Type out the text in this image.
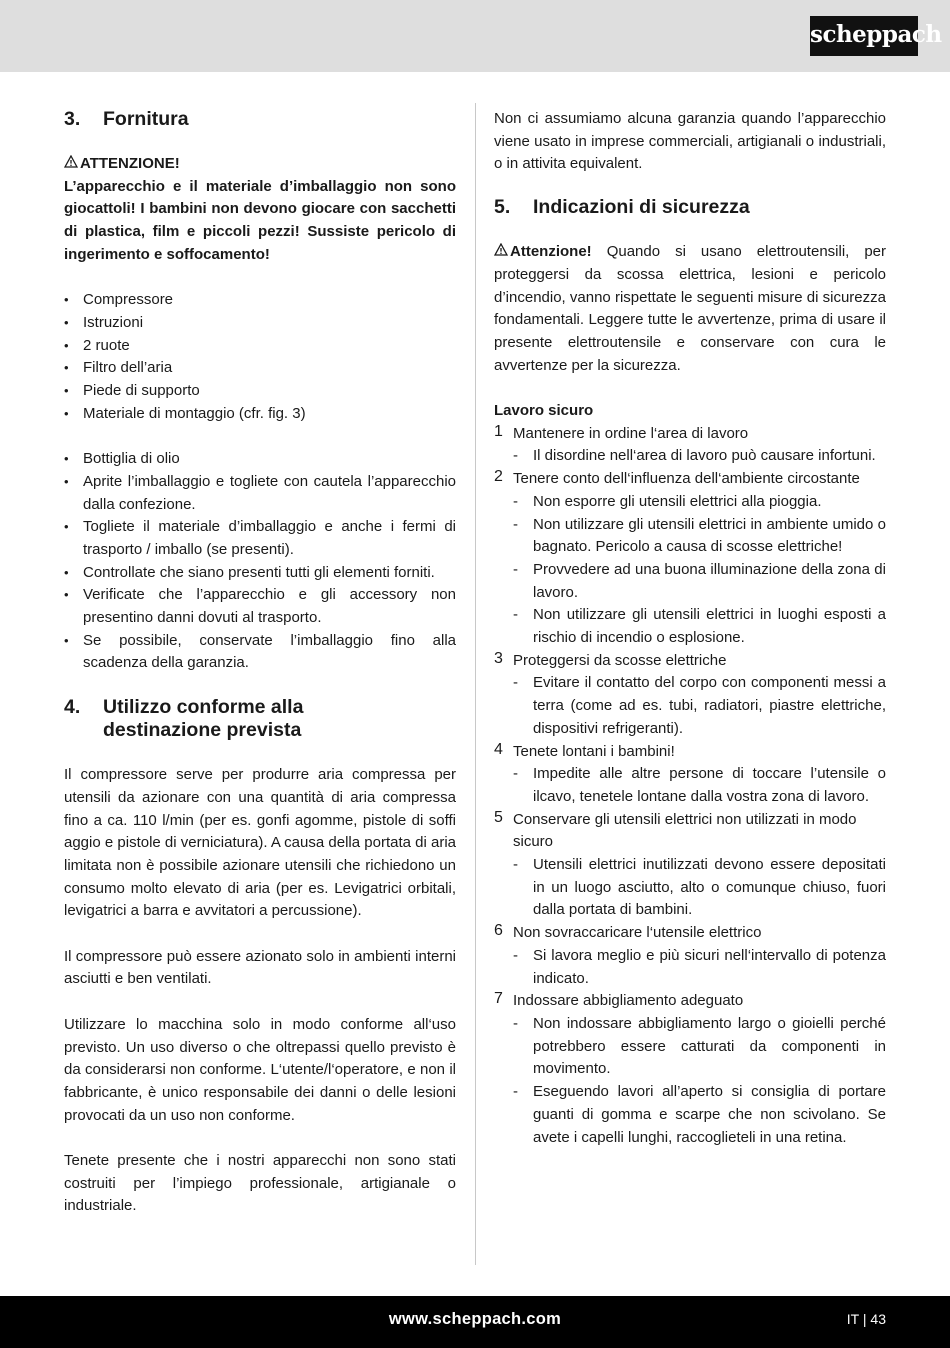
scheppach
3.	Fornitura

ATTENZIONE!

L’apparecchio e il materiale d’imballaggio non sono giocattoli! I bambini non devono giocare con sacchetti di plastica, film e piccoli pezzi! Sussiste pericolo di ingerimento e soffocamento!

• Compressore
• Istruzioni
• 2 ruote
• Filtro dell’aria
• Piede di supporto
• Materiale di montaggio (cfr. fig. 3)
• Bottiglia di olio
• Aprite l’imballaggio e togliete con cautela l’apparecchio dalla confezione.
• Togliete il materiale d’imballaggio e anche i fermi di trasporto / imballo (se presenti).
• Controllate che siano presenti tutti gli elementi forniti.
• Verificate che l’apparecchio e gli accessory non presentino danni dovuti al trasporto.
• Se possibile, conservate l’imballaggio fino alla scadenza della garanzia.
4.	Utilizzo conforme alla
destinazione prevista

Il compressore serve per produrre aria compressa per utensili da azionare con una quantità di aria compressa fino a ca. 110 l/min (per es. gonfi agomme, pistole di soffi aggio e pistole di verniciatura). A causa della portata di aria limitata non è possibile azionare utensili che richiedono un consumo molto elevato di aria (per es. Levigatrici orbitali, levigatrici a barra e avvitatori a percussione).

Il compressore può essere azionato solo in ambienti interni asciutti e ben ventilati.

Utilizzare lo macchina solo in modo conforme all‘uso previsto. Un uso diverso o che oltrepassi quello previsto è da considerarsi non conforme. L‘utente/l‘operatore, e non il fabbricante, è unico responsabile dei danni o delle lesioni provocati da un uso non conforme.

Tenete presente che i nostri apparecchi non sono stati costruiti per l’impiego professionale, artigianale o industriale.

Non ci assumiamo alcuna garanzia quando l’apparecchio viene usato in imprese commerciali, artigianali o industriali, o in attivita equivalent.

5.	Indicazioni di sicurezza

Attenzione! Quando si usano elettroutensili, per proteggersi da scossa elettrica, lesioni e pericolo d’incendio, vanno rispettate le seguenti misure di sicurezza fondamentali. Leggere tutte le avvertenze, prima di usare il presente elettroutensile e conservare con cura le avvertenze per la sicurezza.

Lavoro sicuro

1 Mantenere in ordine l‘area di lavoro
- Il disordine nell‘area di lavoro può causare infortuni.
2 Tenere conto dell‘influenza dell‘ambiente circostante
- Non esporre gli utensili elettrici alla pioggia.
- Non utilizzare gli utensili elettrici in ambiente umido o bagnato. Pericolo a causa di scosse elettriche!
- Provvedere ad una buona illuminazione della zona di lavoro.
- Non utilizzare gli utensili elettrici in luoghi esposti a rischio di incendio o esplosione.
3 Proteggersi da scosse elettriche
- Evitare il contatto del corpo con componenti messi a terra (come ad es. tubi, radiatori, piastre elettriche, dispositivi refrigeranti).
4 Tenete lontani i bambini!
- Impedite alle altre persone di toccare l’utensile o ilcavo, tenetele lontane dalla vostra zona di lavoro.
5 Conservare gli utensili elettrici non utilizzati in modo sicuro
- Utensili elettrici inutilizzati devono essere depositati in un luogo asciutto, alto o comunque chiuso, fuori dalla portata di bambini.
6 Non sovraccaricare l‘utensile elettrico
- Si lavora meglio e più sicuri nell‘intervallo di potenza indicato.
7 Indossare abbigliamento adeguato
- Non indossare abbigliamento largo o gioielli perché potrebbero essere catturati da componenti in movimento.
- Eseguendo lavori all’aperto si consiglia di portare guanti di gomma e scarpe che non scivolano. Se avete i capelli lunghi, raccoglieteli in una retina.
www.scheppach.com	IT | 43
